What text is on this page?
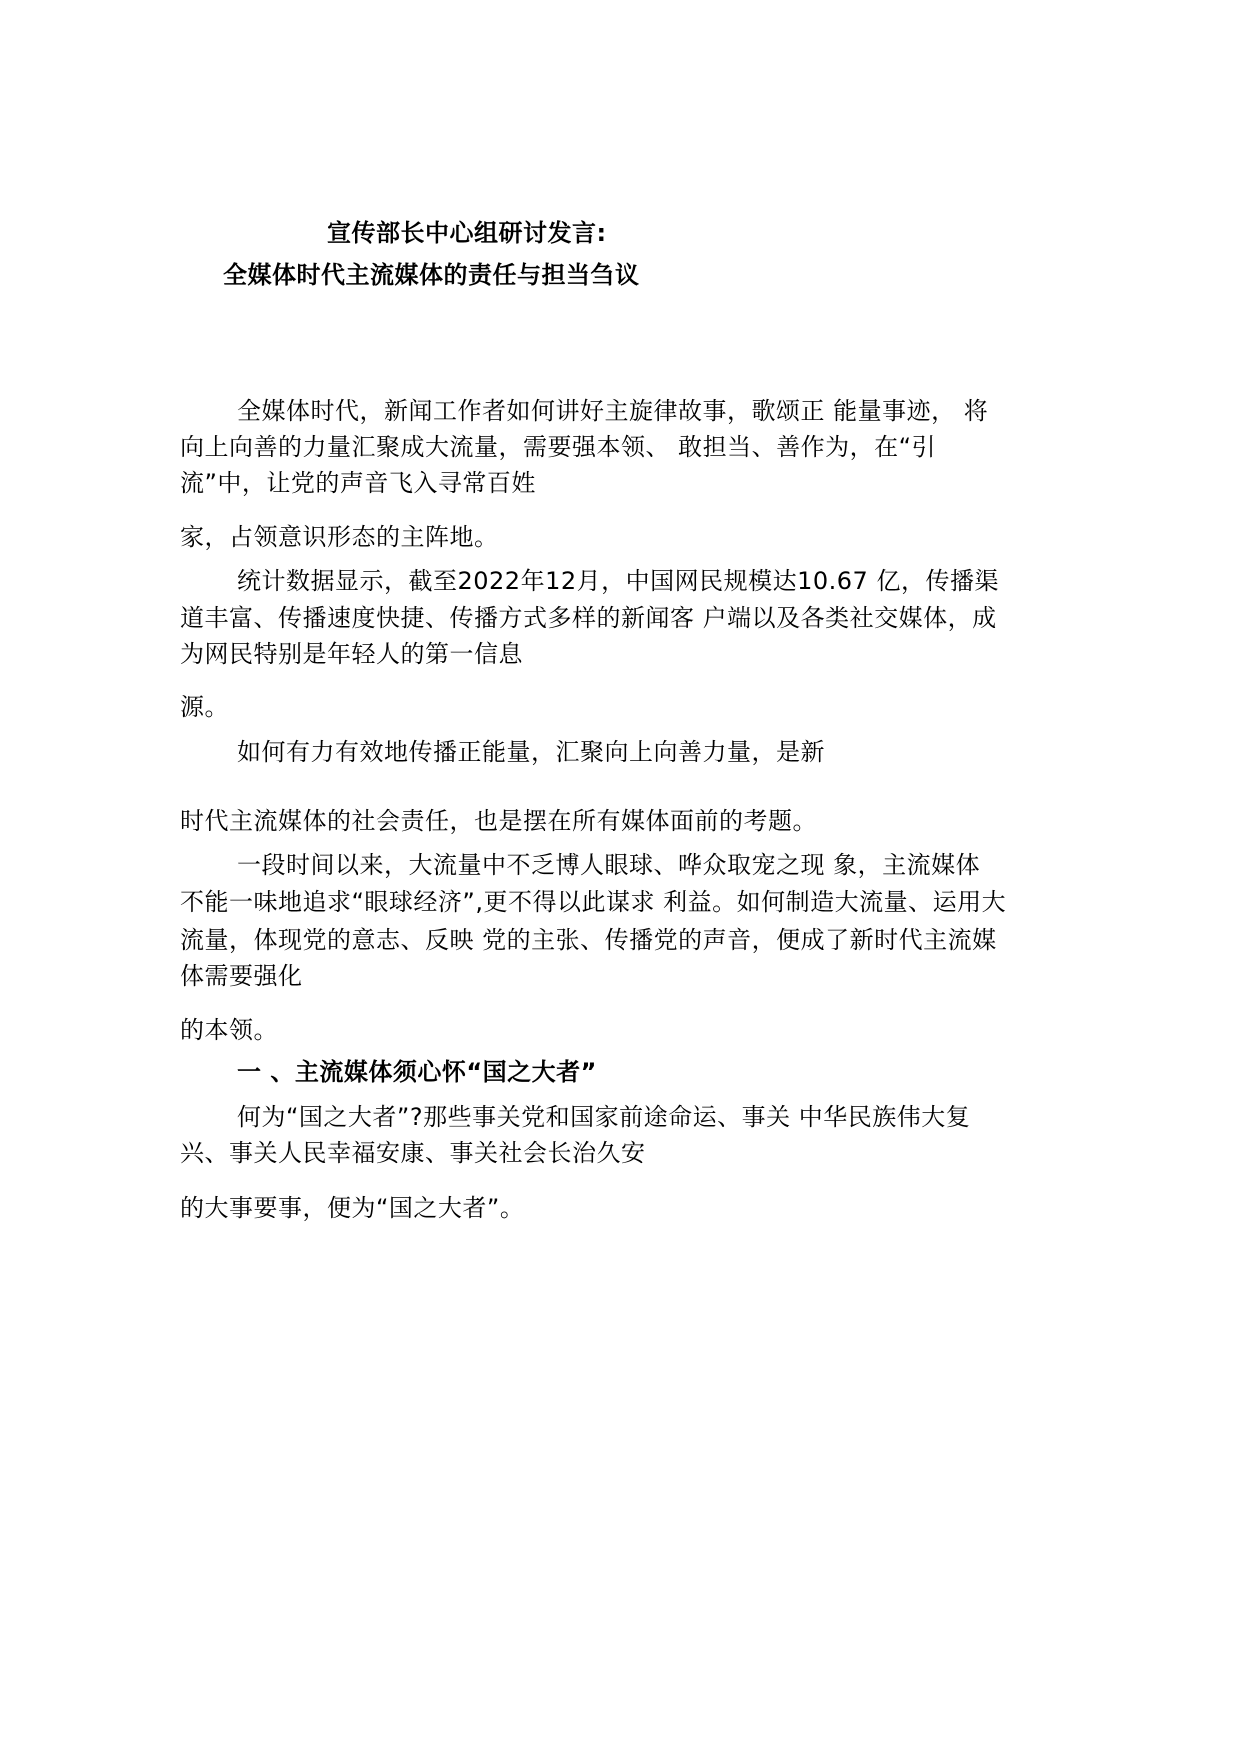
宣传部长中心组研讨发言:
全媒体时代主流媒体的责任与担当刍议
全媒体时代，新闻工作者如何讲好主旋律故事，歌颂正 能量事迹， 将
向上向善的力量汇聚成大流量，需要强本领、 敢担当、善作为，在“引
流”中，让党的声音飞入寻常百姓
家，占领意识形态的主阵地。
统计数据显示，截至2022年12月，中国网民规模达10.67 亿，传播渠
道丰富、传播速度快捷、传播方式多样的新闻客 户端以及各类社交媒体，成
为网民特别是年轻人的第一信息
源。
如何有力有效地传播正能量，汇聚向上向善力量，是新
时代主流媒体的社会责任，也是摆在所有媒体面前的考题。
一段时间以来，大流量中不乏博人眼球、哗众取宠之现 象，主流媒体
不能一味地追求“眼球经济”,更不得以此谋求 利益。如何制造大流量、运用大
流量，体现党的意志、反映 党的主张、传播党的声音，便成了新时代主流媒
体需要强化
的本领。
一 、主流媒体须心怀“国之大者”
何为“国之大者”?那些事关党和国家前途命运、事关 中华民族伟大复
兴、事关人民幸福安康、事关社会长治久安
的大事要事，便为“国之大者”。
